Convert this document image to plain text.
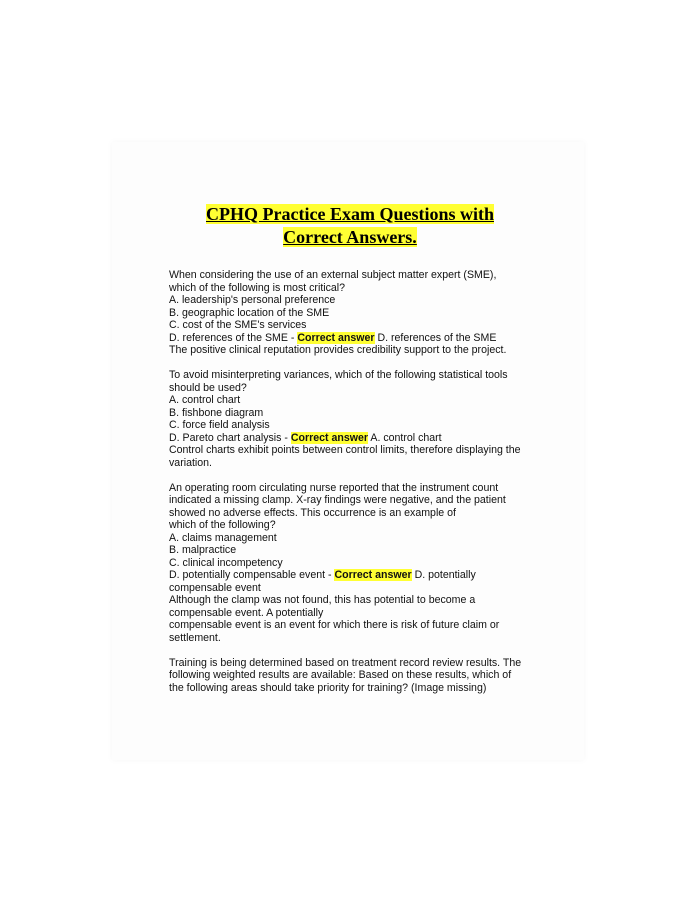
CPHQ Practice Exam Questions with
Correct Answers.
When considering the use of an external subject matter expert (SME),
which of the following is most critical?
A. leadership's personal preference
B. geographic location of the SME
C. cost of the SME's services
D. references of the SME - Correct answer D. references of the SME
The positive clinical reputation provides credibility support to the project.
To avoid misinterpreting variances, which of the following statistical tools
should be used?
A. control chart
B. fishbone diagram
C. force field analysis
D. Pareto chart analysis - Correct answer A. control chart
Control charts exhibit points between control limits, therefore displaying the
variation.
An operating room circulating nurse reported that the instrument count
indicated a missing clamp. X-ray findings were negative, and the patient
showed no adverse effects. This occurrence is an example of
which of the following?
A. claims management
B. malpractice
C. clinical incompetency
D. potentially compensable event - Correct answer D. potentially
compensable event
Although the clamp was not found, this has potential to become a
compensable event. A potentially
compensable event is an event for which there is risk of future claim or
settlement.
Training is being determined based on treatment record review results. The
following weighted results are available: Based on these results, which of
the following areas should take priority for training? (Image missing)
